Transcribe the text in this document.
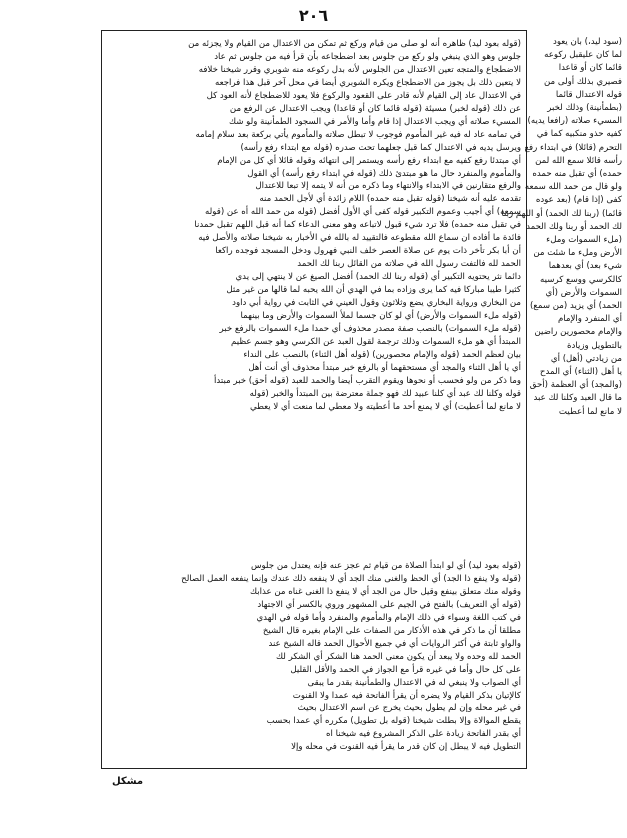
٢٠٦
(سود ليد،) بان يعود
لما كان عليقبل ركوعه
قائما كان أو قاعدا
فصيري بذلك أولى من
قوله الاعتدال قائما
(بطمأنينة) وذلك لخبر
المسيء صلاته (رافعا يديه)
كفيه حذو منكبيه كما في
التحرم (قائلا) في ابتداء رفع
رأسه قائلا سمع الله لمن
حمده) أي تقبل منه حمده
ولو قال من حمد الله سمعه
كفى (إذا قام) (بعد عوده
قائما) (ربنا لك الحمد) أو اللهم ربنا
لك الحمد أو ربنا ولك الحمد
(ملء السموات وملء
الأرض وملء ما شئت من
شيء بعد) أي بعدهما
كالكرسي ووسع كرسيه
السموات والأرض (أي
الحمد) أي يزيد (من سمع)
أي المنفرد والإمام
والإمام محصورين راضين
بالتطويل وزيادة
من زيادتي (أهل) أي
يا أهل (الثناء) أي المدح
(والمجد) أي العظمة (أحق
ما قال العبد وكلنا لك عبد
لا مانع لما أعطيت
(قوله بعود ليد) ظاهره أنه لو صلى من قيام وركع ثم تمكن من الاعتدال من القيام ولا يجزئه من
جلوس وهو الذي ينبغي ولو ركع من جلوس بعد اضطجاعه بأن قرأ فيه من جلوس ثم عاد
الاضطجاع والمتجه تعين الاعتدال من الجلوس لأنه بدل ركوعه منه شوبري وقرر شيخنا خلافه
لا يتعين ذلك بل يجوز من الاضطجاع ويكره الشوبري أيضا في محل آخر قبل هذا فراجعه
في الاعتدال عاد إلى القيام لأنه قادر على القعود والركوع فلا يعود للاضطجاع لأنه العود كل
عن ذلك (قوله لخبر) مسيئة (قوله قائما كان أو قاعدا) ويجب الاعتدال عن الرفع من
المسيء صلاته أي ويجب الاعتدال إذا قام وأما والأمر في السجود الطمأنينة ولو شك
في تمامه عاد له فيه غير المأموم فوجوب لا تبطل صلاته والمأموم يأتي بركعة بعد سلام إمامه
ويرسل يديه في الاعتدال كما قبل جعلهما تحت صدره (قوله مع ابتداء رفع رأسه)
أي مبتدئا رفع كفيه مع ابتداء رفع رأسه ويستمر إلى انتهائه وقوله قائلا أي كل من الإمام
والمأموم والمنفرد حال ما هو مبتدئ ذلك (قوله في ابتداء رفع رأسه) أي القول
والرفع متقارنين في الابتداء والانتهاء وما ذكره من أنه لا يتمه إلا تبعا للاعتدال
تقدمه عليه أنه شيخنا (قوله تقبل منه حمده) اللام زائدة أي لأجل الحمد منه
سمعه) أي أجيب وعموم التكبير قوله كفى أي الأول أفضل (قوله من حمد الله أه عن (قوله
في تقبل منه حمده) فلا ترد شيء قبول لاتباعه وهو معنى الدعاء كما أنه قبل اللهم تقبل حمدنا
فائدة ما أفاده ان سماع الله مقطوعه فالتقييد له بالله في الأخبار به شيخنا صلاته والأصل فيه
أن أبا بكر تأخر ذات يوم عن صلاة العصر خلف النبي فهرول ودخل المسجد فوجده راكعا
الحمد لله فالتفت رسول الله في صلاته من القائل ربنا لك الحمد
دائما نثر يحتويه التكبير أي (قوله ربنا لك الحمد) أفضل الصيغ عن لا ينتهي إلى يدي
كثيرا طيبا مباركا فيه كما يرى وزاده بما في الهدي أن الله يحبه لما قالها من غير مثل
من البخاري ورواية البخاري يضع وثلاثون وقول العيني في الثابت في رواية أبي داود
(قوله ملء السموات والأرض) أي لو كان جسما لملأ السموات والأرض وما بينهما
(قوله ملء السموات) بالنصب صفة مصدر محذوف أي حمدا ملء السموات بالرفع خبر
المبتدأ أي هو ملء السموات وذلك ترجمة لقول العبد عن الكرسي وهو جسم عظيم
بيان لعظم الحمد (قوله والإمام محصورين) (قوله أهل الثناء) بالنصب على النداء
أي يا أهل الثناء والمجد أي مستحقهما أو بالرفع خبر مبتدأ محذوف أي أنت أهل
وما ذكر من ولو فحسب أو نحوها ويقوم التقرب أيضا والحمد للعبد (قوله أحق) خبر مبتدأ
قوله وكلنا لك عبد أي كلنا عبيد لك فهو جملة معترضة بين المبتدأ والخبر (قوله
لا مانع لما أعطيت) أي لا يمنع أحد ما أعطيته ولا معطي لما منعت أي لا يعطي
(قوله بعود ليد) أي لو ابتدأ الصلاة من قيام ثم عجز عنه فإنه يعتدل من جلوس
(قوله ولا ينفع ذا الجد) أي الحظ والغنى منك الجد أي لا ينفعه ذلك عندك وإنما ينفعه العمل الصالح
وقوله منك متعلق بينفع وقيل حال من الجد أي لا ينفع ذا الغنى غناه من عذابك
(قوله أي التعريف) بالفتح في الجيم على المشهور وروي بالكسر أي الاجتهاد
في كتب اللغة وسواء في ذلك الإمام والمأموم والمنفرد وأما قوله في الهدي
مطلقا أن ما ذكر في هذه الأذكار من الصفات على الإمام بغيره قال الشيخ
والواو ثابتة في أكثر الروايات أي في جميع الأحوال الحمد قاله الشيخ عند
الحمد لله وحده ولا يبعد أن يكون معنى الحمد هنا الشكر أي الشكر لك
على كل حال وأما في غيره قرأ مع الجواز في الحمد والأقل القليل
أي الصواب ولا ينبغي له في الاعتدال والطمأنينة بقدر ما يبقى
كالإتيان بذكر القيام ولا يضره أن يقرأ الفاتحة فيه عمدا ولا القنوت
في غير محله وإن لم يطول بحيث يخرج عن اسم الاعتدال بحيث
يقطع الموالاة وإلا بطلت شيخنا (قوله بل تطويل) مكرره أي عمدا بحسب
أي بقدر الفاتحة زيادة على الذكر المشروع فيه شيخنا اه
التطويل فيه لا يبطل إن كان قدر ما يقرأ فيه القنوت في محله وإلا
مشكل
